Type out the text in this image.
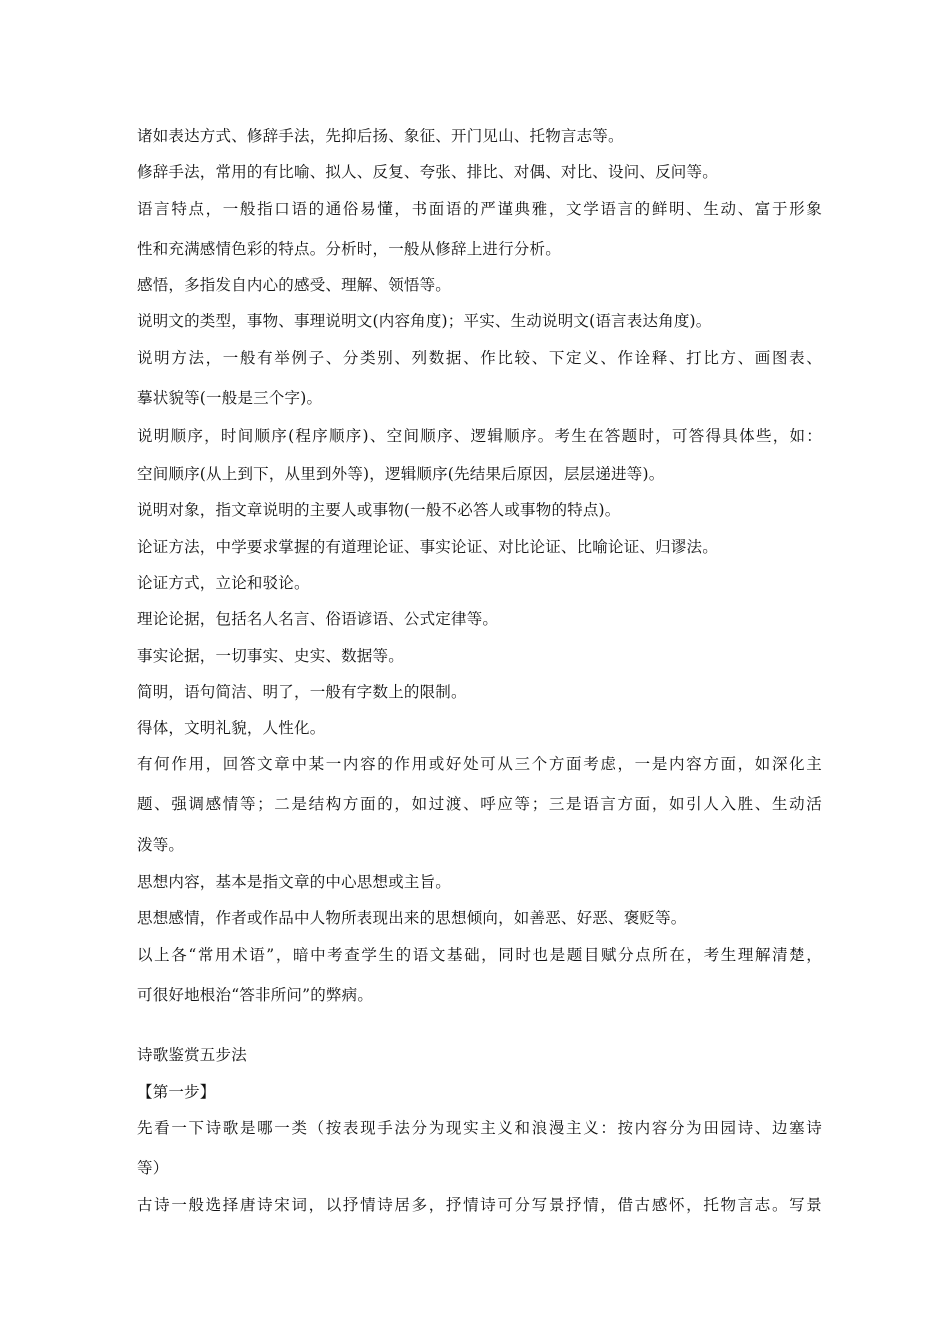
诸如表达方式、修辞手法，先抑后扬、象征、开门见山、托物言志等。
修辞手法，常用的有比喻、拟人、反复、夸张、排比、对偶、对比、设问、反问等。
语言特点，一般指口语的通俗易懂，书面语的严谨典雅，文学语言的鲜明、生动、富于形象
性和充满感情色彩的特点。分析时，一般从修辞上进行分析。
感悟，多指发自内心的感受、理解、领悟等。
说明文的类型，事物、事理说明文(内容角度)；平实、生动说明文(语言表达角度)。
说明方法，一般有举例子、分类别、列数据、作比较、下定义、作诠释、打比方、画图表、
摹状貌等(一般是三个字)。
说明顺序，时间顺序(程序顺序)、空间顺序、逻辑顺序。考生在答题时，可答得具体些，如：
空间顺序(从上到下，从里到外等)，逻辑顺序(先结果后原因，层层递进等)。
说明对象，指文章说明的主要人或事物(一般不必答人或事物的特点)。
论证方法，中学要求掌握的有道理论证、事实论证、对比论证、比喻论证、归谬法。
论证方式，立论和驳论。
理论论据，包括名人名言、俗语谚语、公式定律等。
事实论据，一切事实、史实、数据等。
简明，语句简洁、明了，一般有字数上的限制。
得体，文明礼貌，人性化。
有何作用，回答文章中某一内容的作用或好处可从三个方面考虑，一是内容方面，如深化主
题、强调感情等；二是结构方面的，如过渡、呼应等；三是语言方面，如引人入胜、生动活
泼等。
思想内容，基本是指文章的中心思想或主旨。
思想感情，作者或作品中人物所表现出来的思想倾向，如善恶、好恶、褒贬等。
以上各“常用术语”，暗中考查学生的语文基础，同时也是题目赋分点所在，考生理解清楚，
可很好地根治“答非所问”的弊病。
诗歌鉴赏五步法
【第一步】
先看一下诗歌是哪一类（按表现手法分为现实主义和浪漫主义：按内容分为田园诗、边塞诗
等）
古诗一般选择唐诗宋词，以抒情诗居多，抒情诗可分写景抒情，借古感怀，托物言志。写景
